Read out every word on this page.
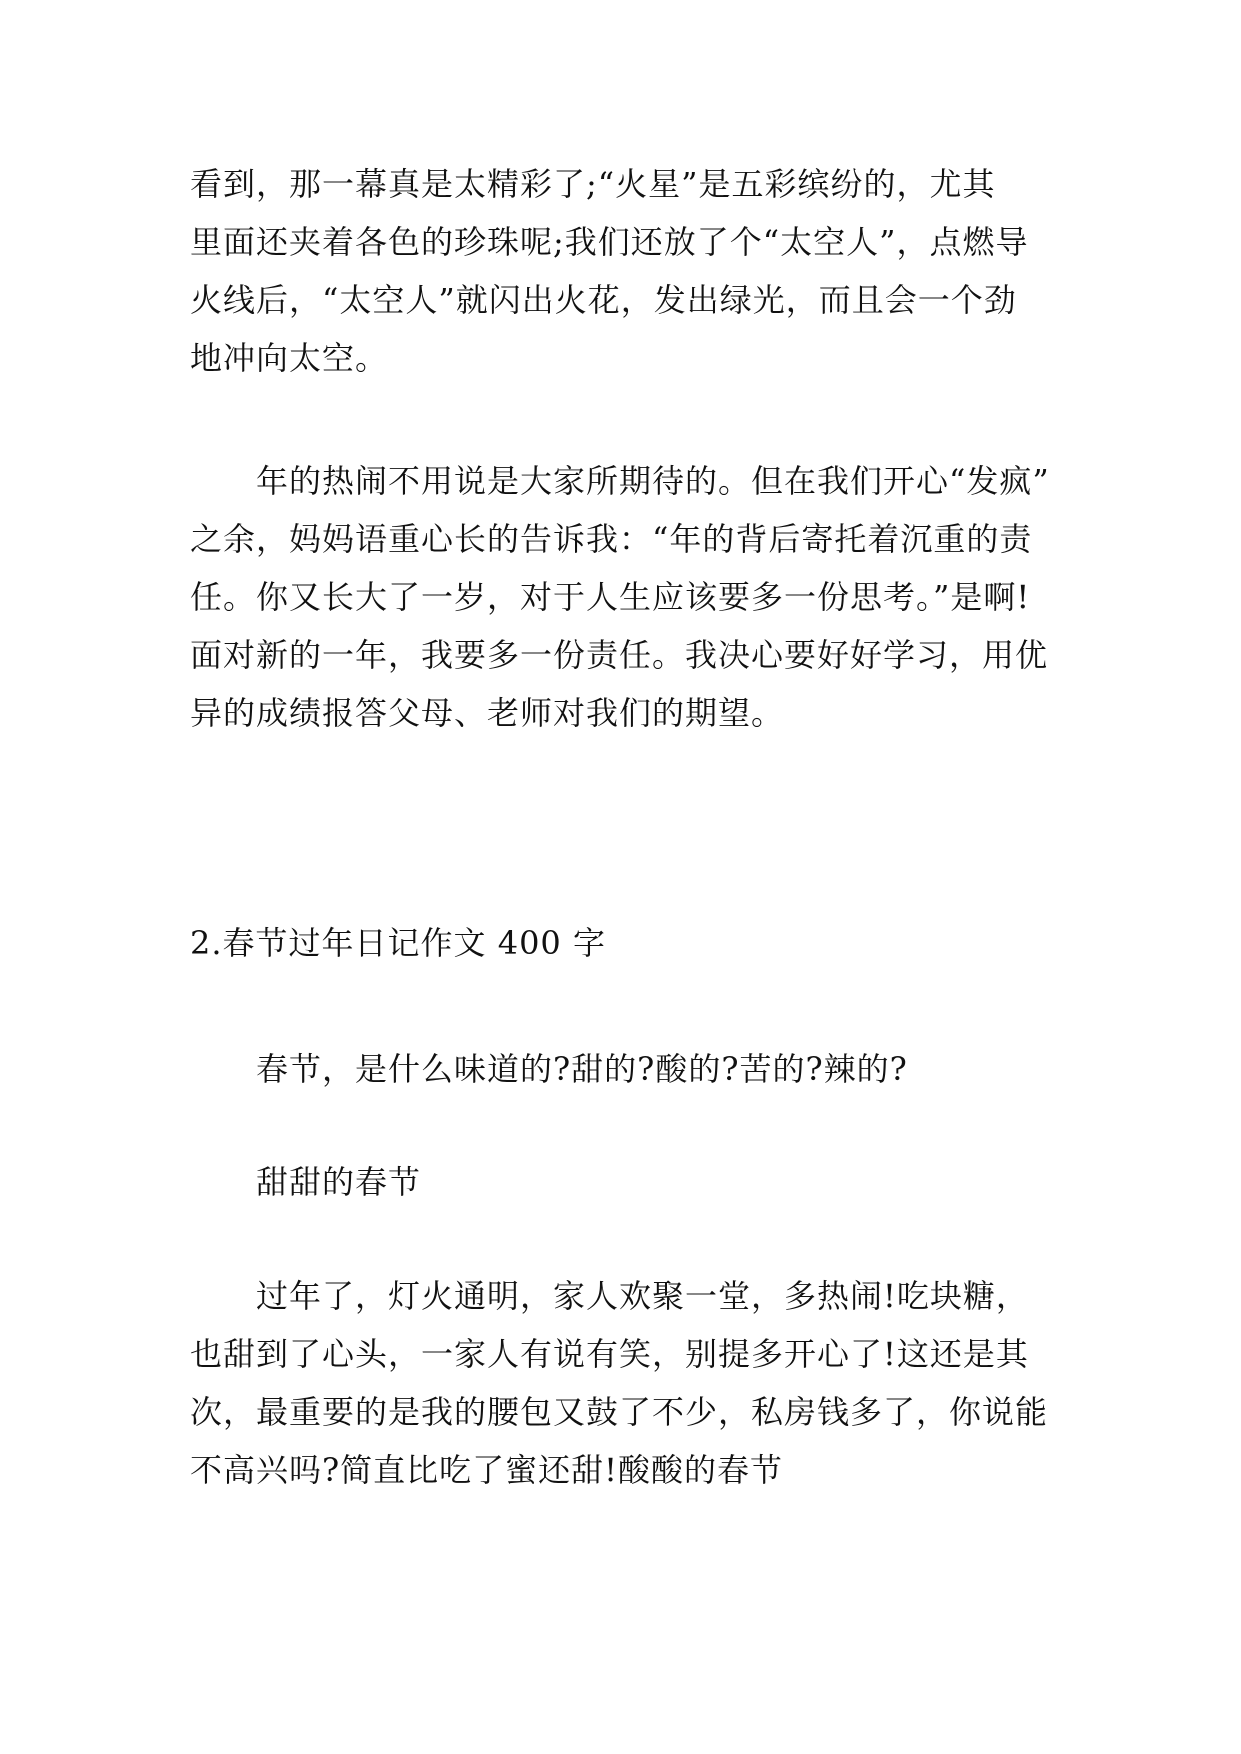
看到，那一幕真是太精彩了;“火星”是五彩缤纷的，尤其
里面还夹着各色的珍珠呢;我们还放了个“太空人”，点燃导
火线后，“太空人”就闪出火花，发出绿光，而且会一个劲
地冲向太空。

年的热闹不用说是大家所期待的。但在我们开心“发疯”
之余，妈妈语重心长的告诉我：“年的背后寄托着沉重的责
任。你又长大了一岁，对于人生应该要多一份思考。”是啊!
面对新的一年，我要多一份责任。我决心要好好学习，用优
异的成绩报答父母、老师对我们的期望。

2.春节过年日记作文 400 字

春节，是什么味道的?甜的?酸的?苦的?辣的?

甜甜的春节

过年了，灯火通明，家人欢聚一堂，多热闹!吃块糖，
也甜到了心头，一家人有说有笑，别提多开心了!这还是其
次，最重要的是我的腰包又鼓了不少，私房钱多了，你说能
不高兴吗?简直比吃了蜜还甜!酸酸的春节
